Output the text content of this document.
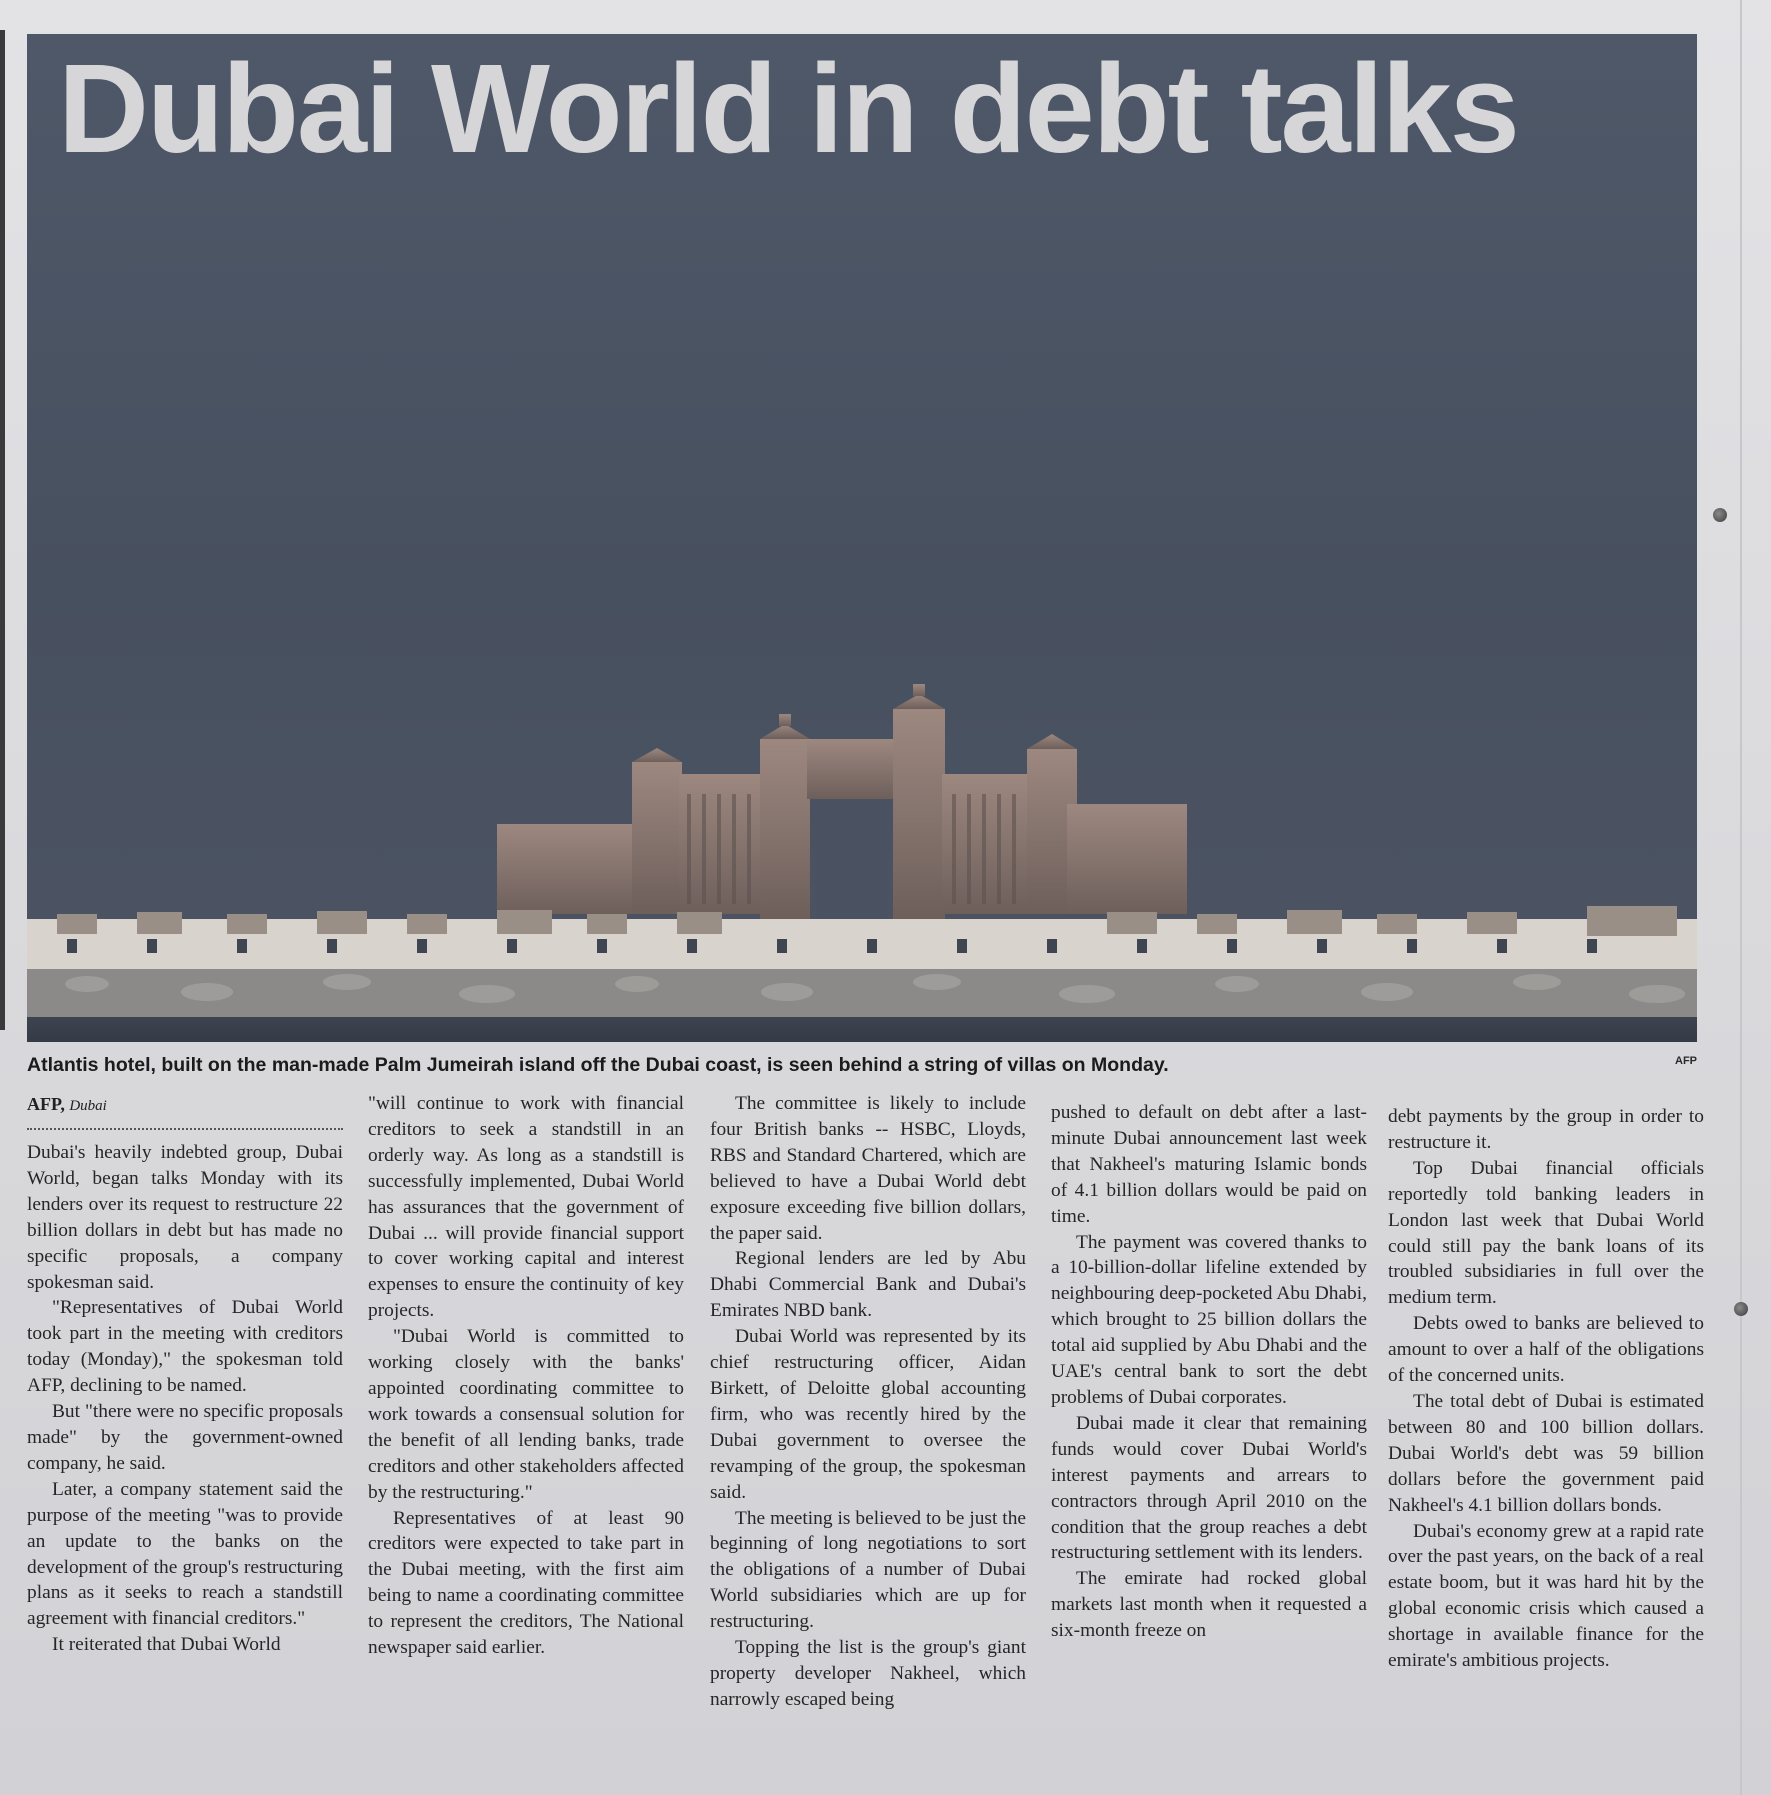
Dubai World in debt talks
Atlantis hotel, built on the man-made Palm Jumeirah island off the Dubai coast, is seen behind a string of villas on Monday.	AFP
AFP, Dubai

Dubai's heavily indebted group, Dubai World, began talks Monday with its lenders over its request to restructure 22 billion dollars in debt but has made no specific proposals, a company spokesman said.

"Representatives of Dubai World took part in the meeting with creditors today (Monday)," the spokesman told AFP, declining to be named.

But "there were no specific proposals made" by the government-owned company, he said.

Later, a company statement said the purpose of the meeting "was to provide an update to the banks on the development of the group's restructuring plans as it seeks to reach a standstill agreement with financial creditors."

It reiterated that Dubai World

"will continue to work with financial creditors to seek a standstill in an orderly way. As long as a standstill is successfully implemented, Dubai World has assurances that the government of Dubai ... will provide financial support to cover working capital and interest expenses to ensure the continuity of key projects.

"Dubai World is committed to working closely with the banks' appointed coordinating committee to work towards a consensual solution for the benefit of all lending banks, trade creditors and other stakeholders affected by the restructuring."

Representatives of at least 90 creditors were expected to take part in the Dubai meeting, with the first aim being to name a coordinating committee to represent the creditors, The National newspaper said earlier.

The committee is likely to include four British banks -- HSBC, Lloyds, RBS and Standard Chartered, which are believed to have a Dubai World debt exposure exceeding five billion dollars, the paper said.

Regional lenders are led by Abu Dhabi Commercial Bank and Dubai's Emirates NBD bank.

Dubai World was represented by its chief restructuring officer, Aidan Birkett, of Deloitte global accounting firm, who was recently hired by the Dubai government to oversee the revamping of the group, the spokesman said.

The meeting is believed to be just the beginning of long negotiations to sort the obligations of a number of Dubai World subsidiaries which are up for restructuring.

Topping the list is the group's giant property developer Nakheel, which narrowly escaped being

pushed to default on debt after a last-minute Dubai announcement last week that Nakheel's maturing Islamic bonds of 4.1 billion dollars would be paid on time.

The payment was covered thanks to a 10-billion-dollar lifeline extended by neighbouring deep-pocketed Abu Dhabi, which brought to 25 billion dollars the total aid supplied by Abu Dhabi and the UAE's central bank to sort the debt problems of Dubai corporates.

Dubai made it clear that remaining funds would cover Dubai World's interest payments and arrears to contractors through April 2010 on the condition that the group reaches a debt restructuring settlement with its lenders.

The emirate had rocked global markets last month when it requested a six-month freeze on

debt payments by the group in order to restructure it.

Top Dubai financial officials reportedly told banking leaders in London last week that Dubai World could still pay the bank loans of its troubled subsidiaries in full over the medium term.

Debts owed to banks are believed to amount to over a half of the obligations of the concerned units.

The total debt of Dubai is estimated between 80 and 100 billion dollars. Dubai World's debt was 59 billion dollars before the government paid Nakheel's 4.1 billion dollars bonds.

Dubai's economy grew at a rapid rate over the past years, on the back of a real estate boom, but it was hard hit by the global economic crisis which caused a shortage in available finance for the emirate's ambitious projects.
